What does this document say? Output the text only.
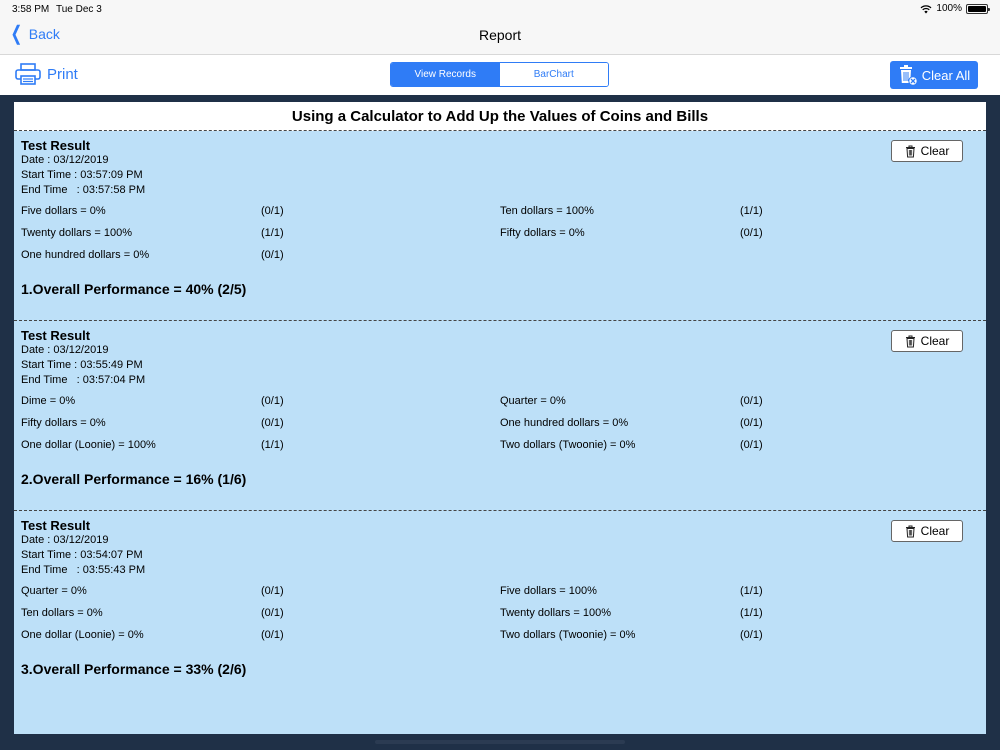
3:58 PM Tue Dec 3	100%
❮ Back	Report
Print	View Records	BarChart	Clear All
Using a Calculator to Add Up the Values of Coins and Bills
Test Result
Date : 03/12/2019
Start Time : 03:57:09 PM
End Time   : 03:57:58 PM
Five dollars = 0%	(0/1)	Ten dollars = 100%	(1/1)
Twenty dollars = 100%	(1/1)	Fifty dollars = 0%	(0/1)
One hundred dollars = 0%	(0/1)
1.Overall Performance = 40% (2/5)
Clear
Test Result
Date : 03/12/2019
Start Time : 03:55:49 PM
End Time   : 03:57:04 PM
Dime = 0%	(0/1)	Quarter = 0%	(0/1)
Fifty dollars = 0%	(0/1)	One hundred dollars = 0%	(0/1)
One dollar (Loonie) = 100%	(1/1)	Two dollars (Twoonie) = 0%	(0/1)
2.Overall Performance = 16% (1/6)
Clear
Test Result
Date : 03/12/2019
Start Time : 03:54:07 PM
End Time   : 03:55:43 PM
Quarter = 0%	(0/1)	Five dollars = 100%	(1/1)
Ten dollars = 0%	(0/1)	Twenty dollars = 100%	(1/1)
One dollar (Loonie) = 0%	(0/1)	Two dollars (Twoonie) = 0%	(0/1)
3.Overall Performance = 33% (2/6)
Clear
